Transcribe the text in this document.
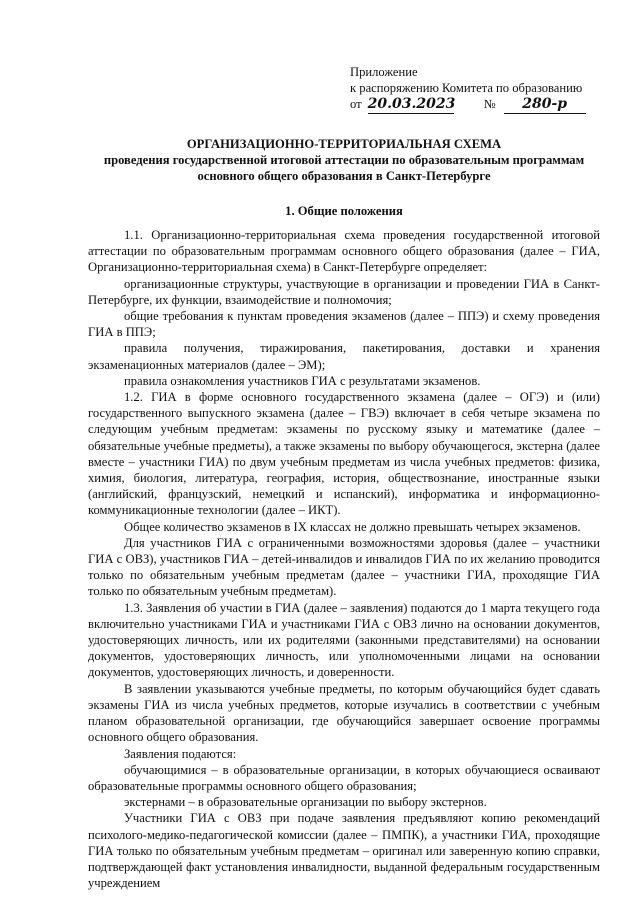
Приложение
к распоряжению Комитета по образованию
от 20.03.2023 №	280-р
ОРГАНИЗАЦИОННО-ТЕРРИТОРИАЛЬНАЯ СХЕМА
проведения государственной итоговой аттестации по образовательным программам
основного общего образования в Санкт-Петербурге
1. Общие положения

1.1. Организационно-территориальная схема проведения государственной итоговой аттестации по образовательным программам основного общего образования (далее – ГИА, Организационно-территориальная схема) в Санкт-Петербурге определяет:

организационные структуры, участвующие в организации и проведении ГИА в Санкт-Петербурге, их функции, взаимодействие и полномочия;

общие требования к пунктам проведения экзаменов (далее – ППЭ) и схему проведения ГИА в ППЭ;

правила получения, тиражирования, пакетирования, доставки и хранения экзаменационных материалов (далее – ЭМ);

правила ознакомления участников ГИА с результатами экзаменов.

1.2. ГИА в форме основного государственного экзамена (далее – ОГЭ) и (или) государственного выпускного экзамена (далее – ГВЭ) включает в себя четыре экзамена по следующим учебным предметам: экзамены по русскому языку и математике (далее – обязательные учебные предметы), а также экзамены по выбору обучающегося, экстерна (далее вместе – участники ГИА) по двум учебным предметам из числа учебных предметов: физика, химия, биология, литература, география, история, обществознание, иностранные языки (английский, французский, немецкий и испанский), информатика и информационно-коммуникационные технологии (далее – ИКТ).

Общее количество экзаменов в IX классах не должно превышать четырех экзаменов.

Для участников ГИА с ограниченными возможностями здоровья (далее – участники ГИА с ОВЗ), участников ГИА – детей-инвалидов и инвалидов ГИА по их желанию проводится только по обязательным учебным предметам (далее – участники ГИА, проходящие ГИА только по обязательным учебным предметам).

1.3. Заявления об участии в ГИА (далее – заявления) подаются до 1 марта текущего года включительно участниками ГИА и участниками ГИА с ОВЗ лично на основании документов, удостоверяющих личность, или их родителями (законными представителями) на основании документов, удостоверяющих личность, или уполномоченными лицами на основании документов, удостоверяющих личность, и доверенности.

В заявлении указываются учебные предметы, по которым обучающийся будет сдавать экзамены ГИА из числа учебных предметов, которые изучались в соответствии с учебным планом образовательной организации, где обучающийся завершает освоение программы основного общего образования.

Заявления подаются:

обучающимися – в образовательные организации, в которых обучающиеся осваивают образовательные программы основного общего образования;

экстернами – в образовательные организации по выбору экстернов.

Участники ГИА с ОВЗ при подаче заявления предъявляют копию рекомендаций психолого-медико-педагогической комиссии (далее – ПМПК), а участники ГИА, проходящие ГИА только по обязательным учебным предметам – оригинал или заверенную копию справки, подтверждающей факт установления инвалидности, выданной федеральным государственным учреждением
